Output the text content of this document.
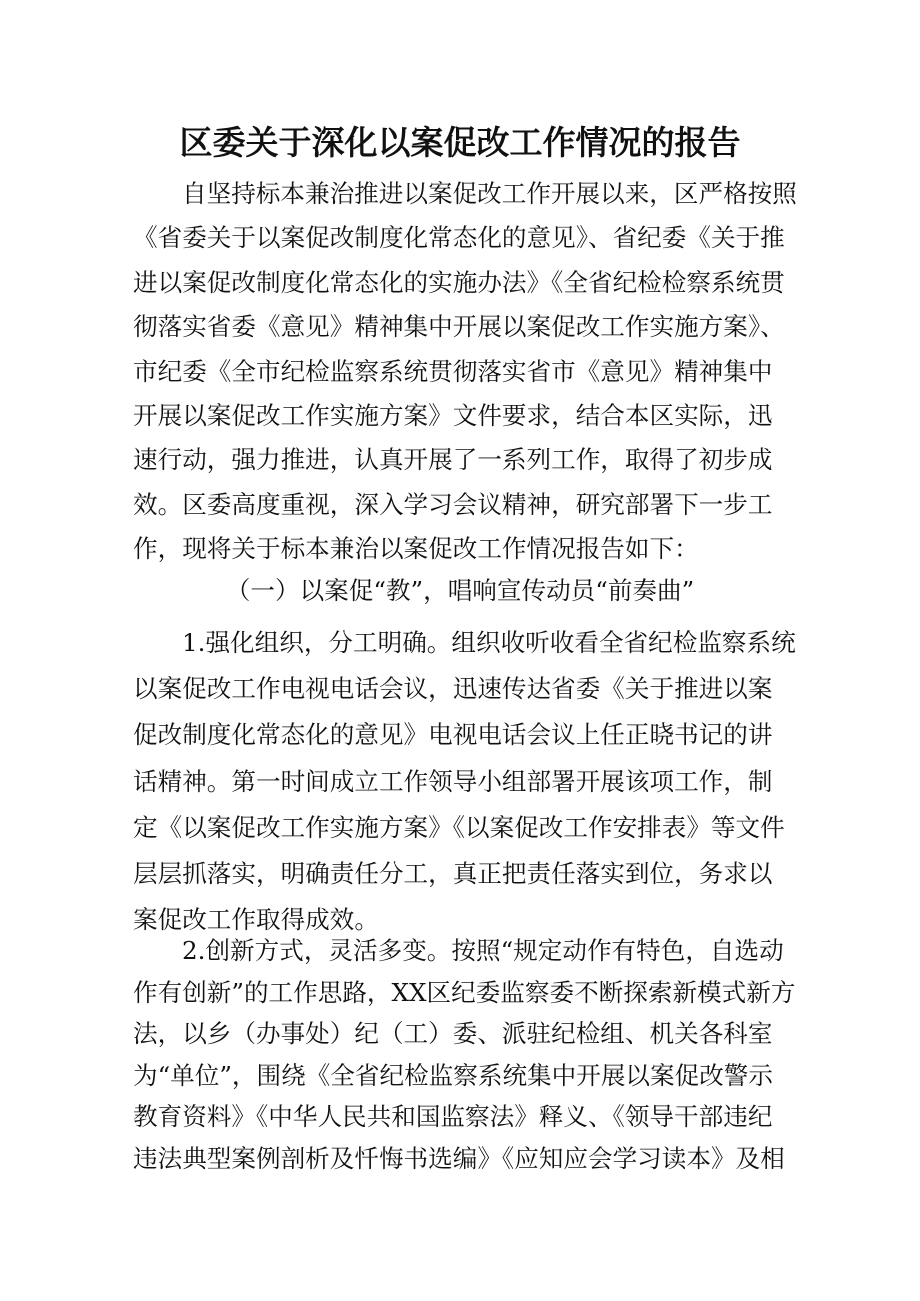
区委关于深化以案促改工作情况的报告

自坚持标本兼治推进以案促改工作开展以来，区严格按照《省委关于以案促改制度化常态化的意见》、省纪委《关于推进以案促改制度化常态化的实施办法》《全省纪检检察系统贯彻落实省委《意见》精神集中开展以案促改工作实施方案》、市纪委《全市纪检监察系统贯彻落实省市《意见》精神集中开展以案促改工作实施方案》文件要求，结合本区实际，迅速行动，强力推进，认真开展了一系列工作，取得了初步成效。区委高度重视，深入学习会议精神，研究部署下一步工作，现将关于标本兼治以案促改工作情况报告如下：

（一）以案促“教”，唱响宣传动员“前奏曲”

1.强化组织，分工明确。组织收听收看全省纪检监察系统以案促改工作电视电话会议，迅速传达省委《关于推进以案促改制度化常态化的意见》电视电话会议上任正晓书记的讲话精神。第一时间成立工作领导小组部署开展该项工作，制定《以案促改工作实施方案》《以案促改工作安排表》等文件层层抓落实，明确责任分工，真正把责任落实到位，务求以案促改工作取得成效。

2.创新方式，灵活多变。按照“规定动作有特色，自选动作有创新”的工作思路，XX区纪委监察委不断探索新模式新方法，以乡（办事处）纪（工）委、派驻纪检组、机关各科室为“单位”，围绕《全省纪检监察系统集中开展以案促改警示教育资料》《中华人民共和国监察法》释义、《领导干部违纪违法典型案例剖析及忏悔书选编》《应知应会学习读本》及相
